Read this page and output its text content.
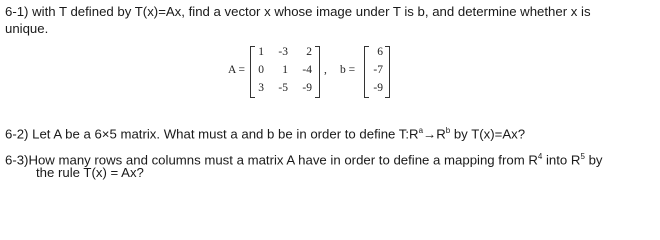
6-1) with T defined by T(x)=Ax, find a vector x whose image under T is b, and determine whether x is
unique.
A =
1	-3	2
0	1	-4
3	-5	-9
, b =
6
-7
-9
6-2) Let A be a 6×5 matrix. What must a and b be in order to define $T:R^a\to R^b$ by T(x)=Ax?
6-3)How many rows and columns must a matrix A have in order to define a mapping from $R^4$ into $R^5$ by
the rule T(x) = Ax?
